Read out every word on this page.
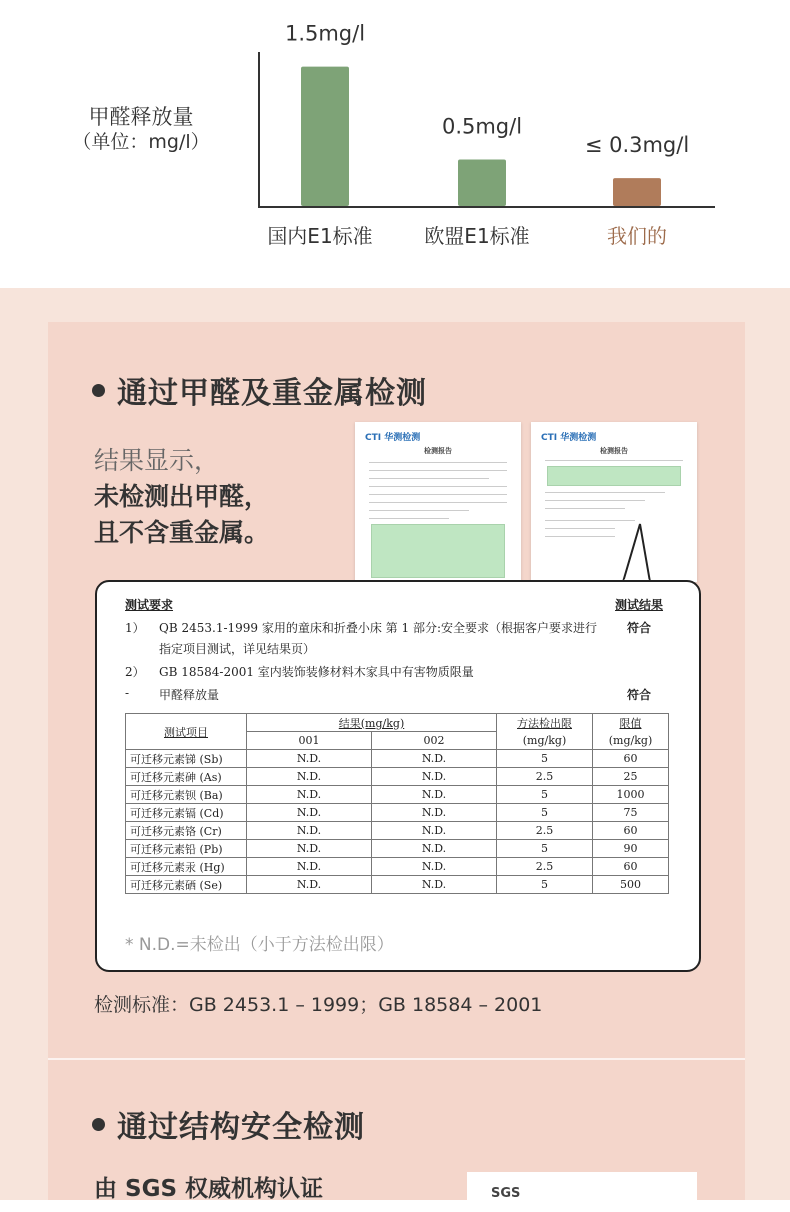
甲醛释放量
（单位：mg/l）
1.5mg/l
国内E1标准
0.5mg/l
欧盟E1标准
≤ 0.3mg/l
我们的
通过甲醛及重金属检测
结果显示，
未检测出甲醛，
且不含重金属。
CTI 华测检测
检测报告
CTI 华测检测
检测报告
测试要求	测试结果
1） QB 2453.1-1999 家用的童床和折叠小床 第 1 部分:安全要求（根据客户要求进行
指定项目测试，详见结果页）
符合
2） GB 18584-2001 室内装饰装修材料木家具中有害物质限量
- 甲醛释放量	符合
测试项目	结果(mg/kg)		方法检出限	限值
	001	002	(mg/kg)	(mg/kg)
可迁移元素锑 (Sb)	N.D.	N.D.	5	60
可迁移元素砷 (As)	N.D.	N.D.	2.5	25
可迁移元素钡 (Ba)	N.D.	N.D.	5	1000
可迁移元素镉 (Cd)	N.D.	N.D.	5	75
可迁移元素铬 (Cr)	N.D.	N.D.	2.5	60
可迁移元素铅 (Pb)	N.D.	N.D.	5	90
可迁移元素汞 (Hg)	N.D.	N.D.	2.5	60
可迁移元素硒 (Se)	N.D.	N.D.	5	500
* N.D.=未检出（小于方法检出限）
检测标准：GB 2453.1 – 1999；GB 18584 – 2001
通过结构安全检测
由 SGS 权威机构认证	SGS
